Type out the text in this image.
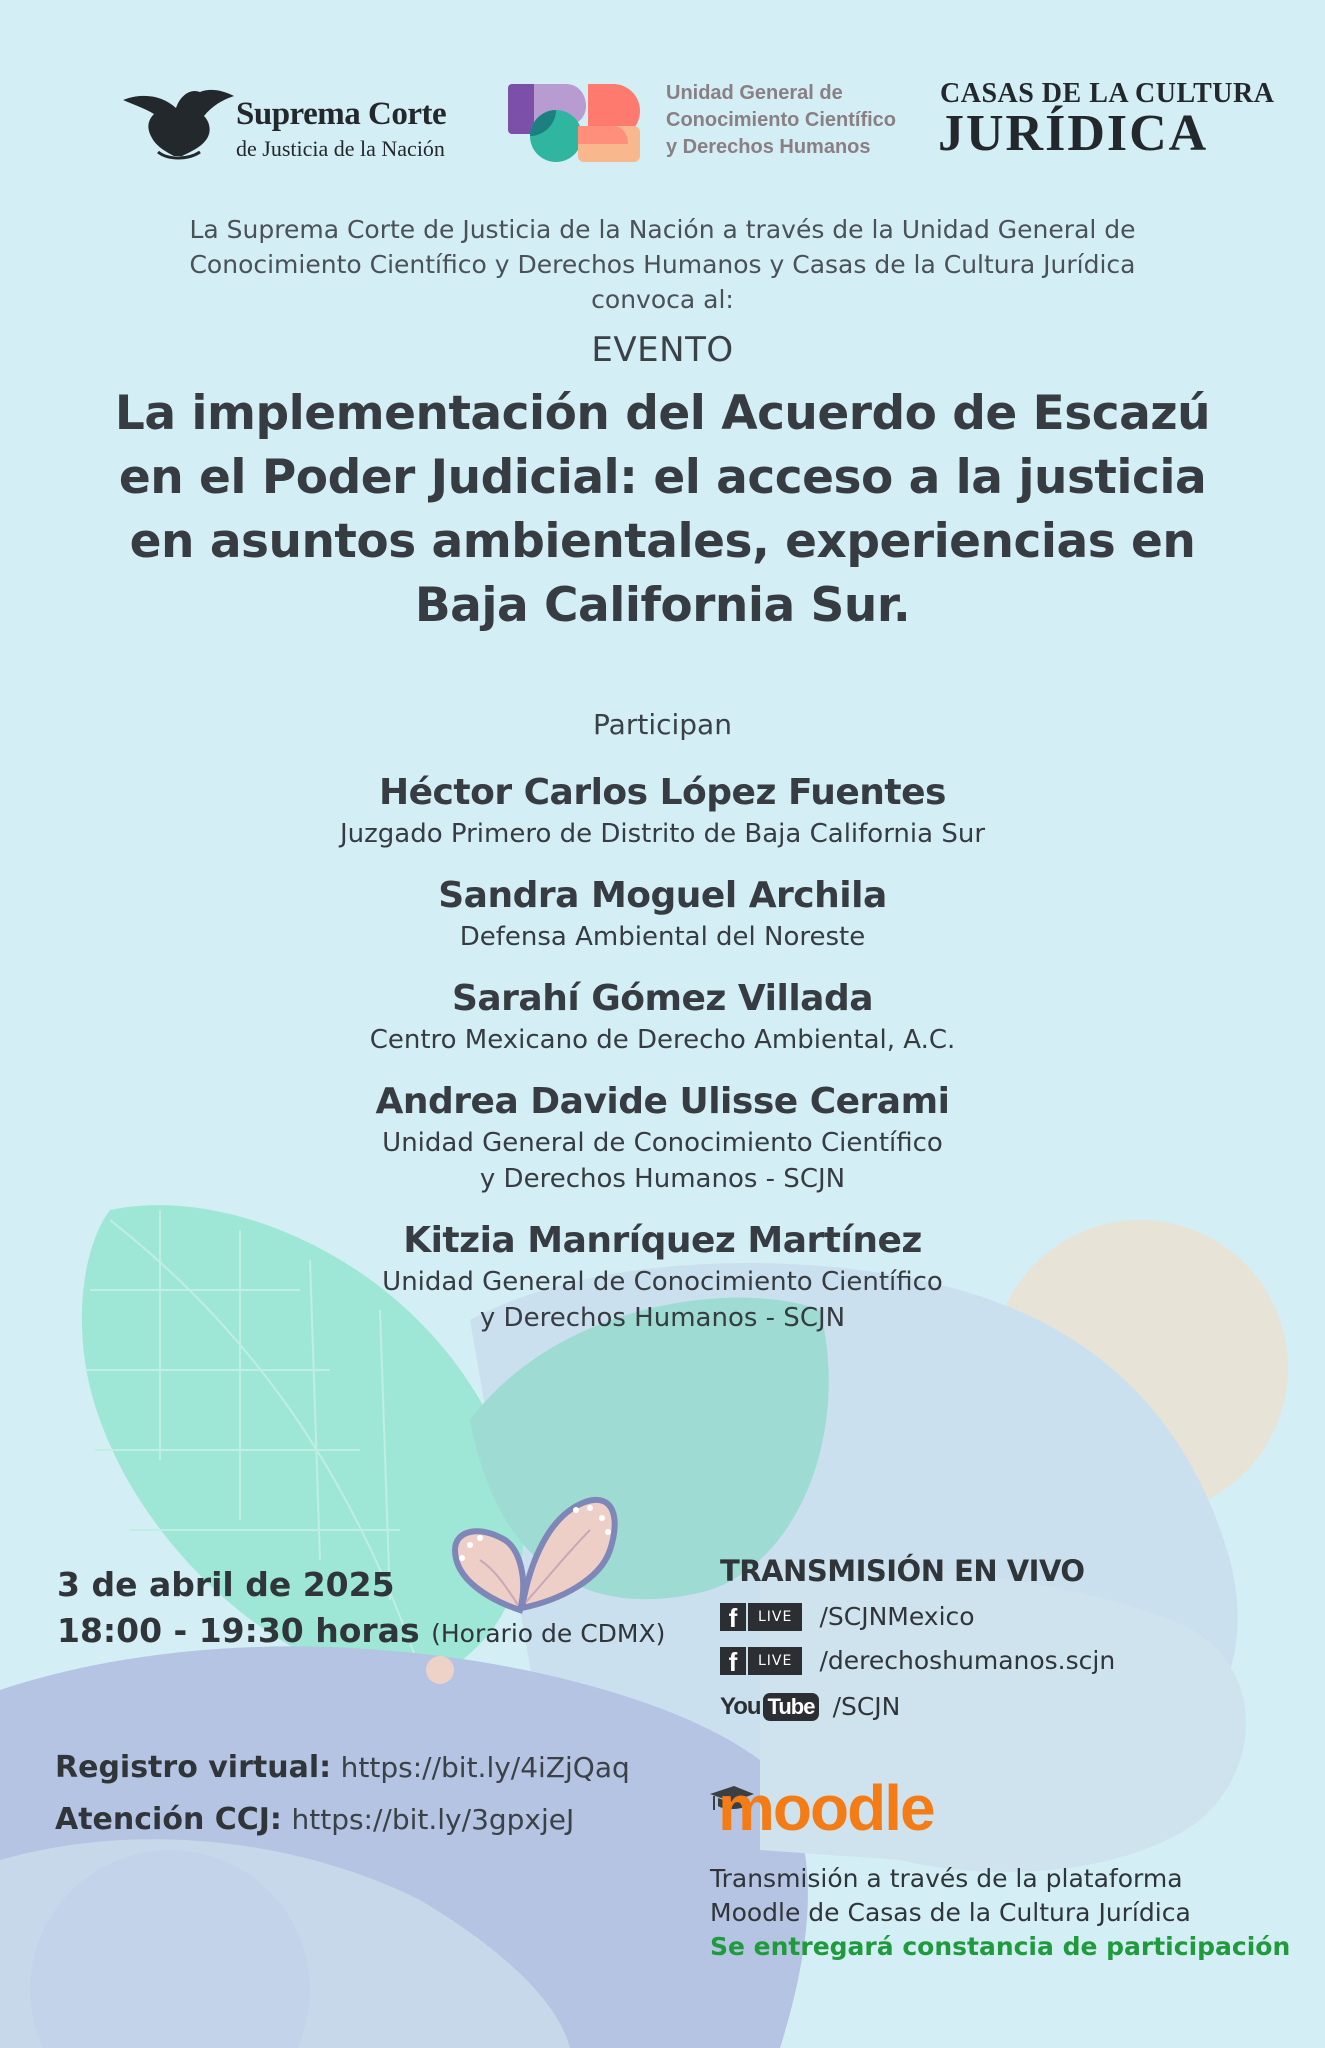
Suprema Corte
de Justicia de la Nación
Unidad General de
Conocimiento Científico
y Derechos Humanos
CASAS DE LA CULTURA
JURÍDICA
La Suprema Corte de Justicia de la Nación a través de la Unidad General de
Conocimiento Científico y Derechos Humanos y Casas de la Cultura Jurídica
convoca al:
EVENTO
La implementación del Acuerdo de Escazú
en el Poder Judicial: el acceso a la justicia
en asuntos ambientales, experiencias en
Baja California Sur.
Participan
Héctor Carlos López Fuentes
Juzgado Primero de Distrito de Baja California Sur
Sandra Moguel Archila
Defensa Ambiental del Noreste
Sarahí Gómez Villada
Centro Mexicano de Derecho Ambiental, A.C.
Andrea Davide Ulisse Cerami
Unidad General de Conocimiento Científico
y Derechos Humanos - SCJN
Kitzia Manríquez Martínez
Unidad General de Conocimiento Científico
y Derechos Humanos - SCJN
3 de abril de 2025
18:00 - 19:30 horas (Horario de CDMX)
Registro virtual: https://bit.ly/4iZjQaq
Atención CCJ: https://bit.ly/3gpxjeJ
TRANSMISIÓN EN VIVO
f LIVE /SCJNMexico
f LIVE /derechoshumanos.scjn
You Tube /SCJN
moodle
Transmisión a través de la plataforma
Moodle de Casas de la Cultura Jurídica
Se entregará constancia de participación
